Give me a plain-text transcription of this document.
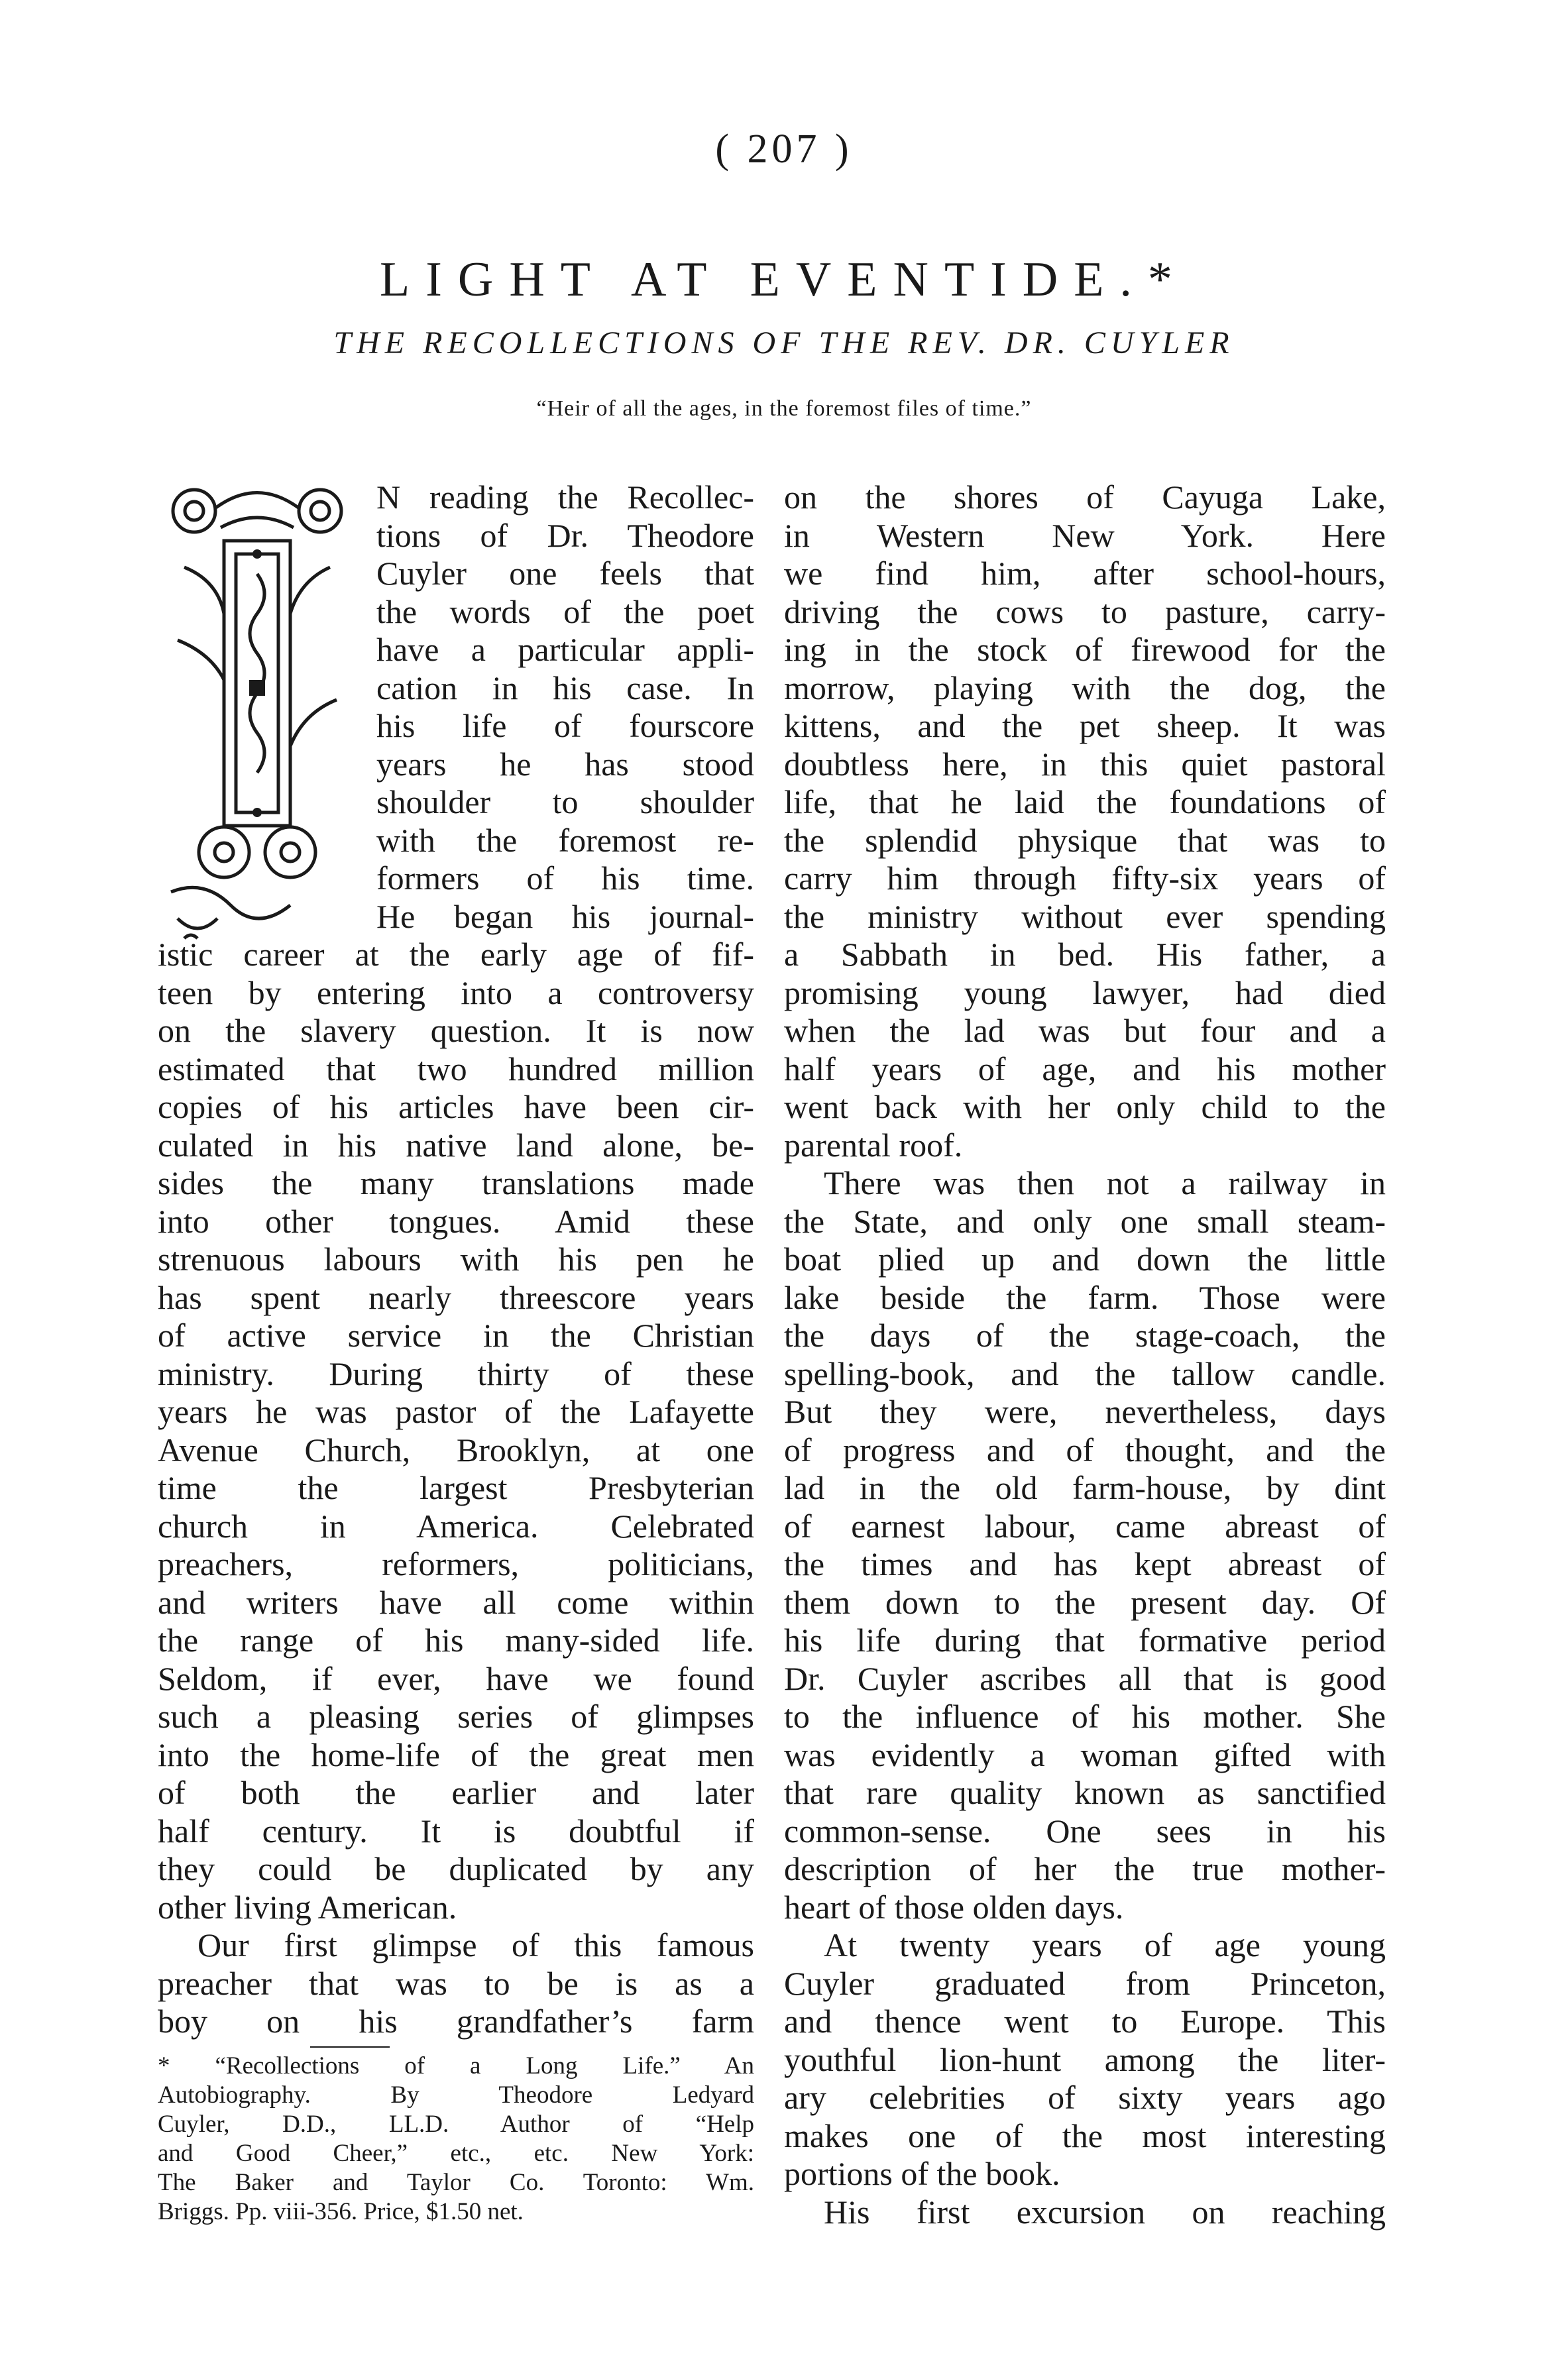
( 207 )
LIGHT AT EVENTIDE.*
THE RECOLLECTIONS OF THE REV. DR. CUYLER
“Heir of all the ages, in the foremost files of time.”
N reading the Recollec-
tions of Dr. Theodore
Cuyler one feels that
the words of the poet
have a particular appli-
cation in his case. In
his life of fourscore
years he has stood
shoulder to shoulder
with the foremost re-
formers of his time.
He began his journal-
istic career at the early age of fif-
teen by entering into a controversy
on the slavery question. It is now
estimated that two hundred million
copies of his articles have been cir-
culated in his native land alone, be-
sides the many translations made
into other tongues. Amid these
strenuous labours with his pen he
has spent nearly threescore years
of active service in the Christian
ministry. During thirty of these
years he was pastor of the Lafayette
Avenue Church, Brooklyn, at one
time the largest Presbyterian
church in America. Celebrated
preachers, reformers, politicians,
and writers have all come within
the range of his many-sided life.
Seldom, if ever, have we found
such a pleasing series of glimpses
into the home-life of the great men
of both the earlier and later
half century. It is doubtful if
they could be duplicated by any
other living American.
Our first glimpse of this famous
preacher that was to be is as a
boy on his grandfather’s farm
* “Recollections of a Long Life.” An
Autobiography. By Theodore Ledyard
Cuyler, D.D., LL.D. Author of “Help
and Good Cheer,” etc., etc. New York:
The Baker and Taylor Co. Toronto: Wm.
Briggs. Pp. viii-356. Price, $1.50 net.
on the shores of Cayuga Lake,
in Western New York. Here
we find him, after school-hours,
driving the cows to pasture, carry-
ing in the stock of firewood for the
morrow, playing with the dog, the
kittens, and the pet sheep. It was
doubtless here, in this quiet pastoral
life, that he laid the foundations of
the splendid physique that was to
carry him through fifty-six years of
the ministry without ever spending
a Sabbath in bed. His father, a
promising young lawyer, had died
when the lad was but four and a
half years of age, and his mother
went back with her only child to the
parental roof.
There was then not a railway in
the State, and only one small steam-
boat plied up and down the little
lake beside the farm. Those were
the days of the stage-coach, the
spelling-book, and the tallow candle.
But they were, nevertheless, days
of progress and of thought, and the
lad in the old farm-house, by dint
of earnest labour, came abreast of
the times and has kept abreast of
them down to the present day. Of
his life during that formative period
Dr. Cuyler ascribes all that is good
to the influence of his mother. She
was evidently a woman gifted with
that rare quality known as sanctified
common-sense. One sees in his
description of her the true mother-
heart of those olden days.
At twenty years of age young
Cuyler graduated from Princeton,
and thence went to Europe. This
youthful lion-hunt among the liter-
ary celebrities of sixty years ago
makes one of the most interesting
portions of the book.
His first excursion on reaching
